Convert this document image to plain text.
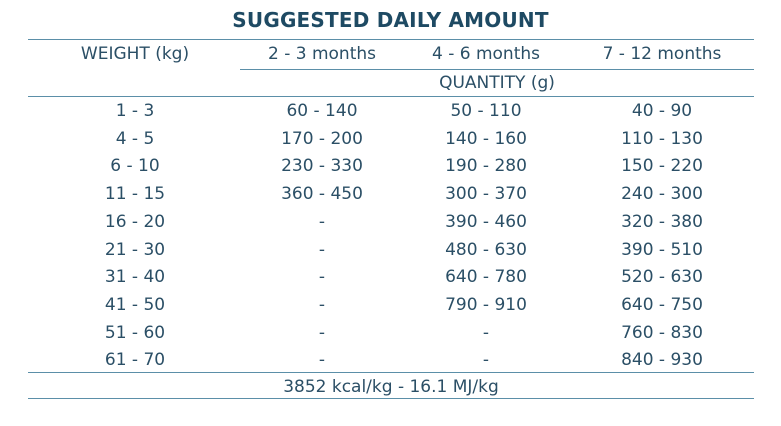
SUGGESTED DAILY AMOUNT
WEIGHT (kg)	2 - 3 months	4 - 6 months	7 - 12 months
QUANTITY (g)
1 - 3	60 - 140	50 - 110	40 - 90
4 - 5	170 - 200	140 - 160	110 - 130
6 - 10	230 - 330	190 - 280	150 - 220
11 - 15	360 - 450	300 - 370	240 - 300
16 - 20	-	390 - 460	320 - 380
21 - 30	-	480 - 630	390 - 510
31 - 40	-	640 - 780	520 - 630
41 - 50	-	790 - 910	640 - 750
51 - 60	-	-	760 - 830
61 - 70	-	-	840 - 930
3852 kcal/kg - 16.1 MJ/kg
